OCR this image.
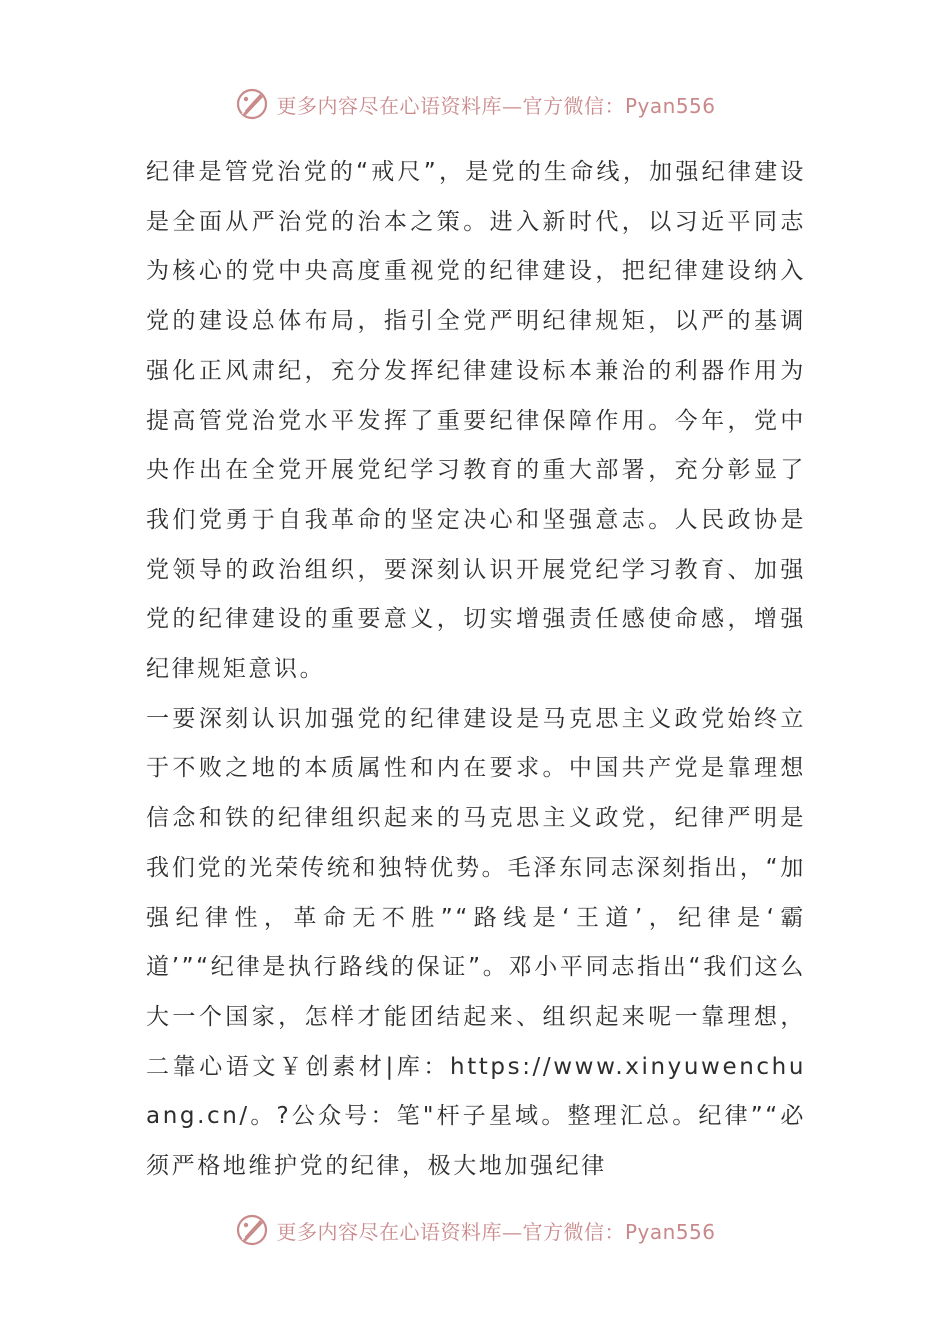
更多内容尽在心语资料库—官方微信：Pyan556

纪律是管党治党的“戒尺”，是党的生命线，加强纪律建设是全面从严治党的治本之策。进入新时代，以习近平同志为核心的党中央高度重视党的纪律建设，把纪律建设纳入党的建设总体布局，指引全党严明纪律规矩，以严的基调强化正风肃纪，充分发挥纪律建设标本兼治的利器作用为提高管党治党水平发挥了重要纪律保障作用。今年，党中央作出在全党开展党纪学习教育的重大部署，充分彰显了我们党勇于自我革命的坚定决心和坚强意志。人民政协是党领导的政治组织，要深刻认识开展党纪学习教育、加强党的纪律建设的重要意义，切实增强责任感使命感，增强纪律规矩意识。

一要深刻认识加强党的纪律建设是马克思主义政党始终立于不败之地的本质属性和内在要求。中国共产党是靠理想信念和铁的纪律组织起来的马克思主义政党，纪律严明是我们党的光荣传统和独特优势。毛泽东同志深刻指出，“加强纪律性，革命无不胜”“路线是‘王道’，纪律是‘霸道’”“纪律是执行路线的保证”。邓小平同志指出“我们这么大一个国家，怎样才能团结起来、组织起来呢一靠理想，二靠心语文￥创素材|库：https://www.xinyuwenchuang.cn/。?公众号：笔"杆子星域。整理汇总。纪律”“必须严格地维护党的纪律，极大地加强纪律

更多内容尽在心语资料库—官方微信：Pyan556
